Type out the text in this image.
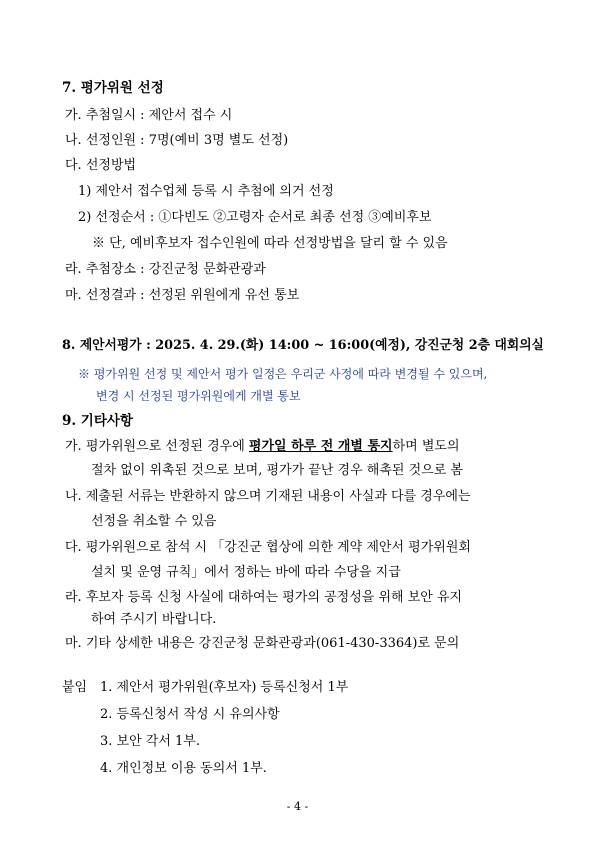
7. 평가위원 선정
가. 추첨일시 : 제안서 접수 시
나. 선정인원 : 7명(예비 3명 별도 선정)
다. 선정방법
1) 제안서 접수업체 등록 시 추첨에 의거 선정
2) 선정순서 : ①다빈도 ②고령자 순서로 최종 선정 ③예비후보
※ 단, 예비후보자 접수인원에 따라 선정방법을 달리 할 수 있음
라. 추첨장소 : 강진군청 문화관광과
마. 선정결과 : 선정된 위원에게 유선 통보
8. 제안서평가 : 2025. 4. 29.(화) 14:00 ~ 16:00(예정), 강진군청 2층 대회의실
※ 평가위원 선정 및 제안서 평가 일정은 우리군 사정에 따라 변경될 수 있으며,
변경 시 선정된 평가위원에게 개별 통보
9. 기타사항
가. 평가위원으로 선정된 경우에 평가일 하루 전 개별 통지하며 별도의
절차 없이 위촉된 것으로 보며, 평가가 끝난 경우 해촉된 것으로 봄
나. 제출된 서류는 반환하지 않으며 기재된 내용이 사실과 다를 경우에는
선정을 취소할 수 있음
다. 평가위원으로 참석 시 「강진군 협상에 의한 계약 제안서 평가위원회
설치 및 운영 규칙」에서 정하는 바에 따라 수당을 지급
라. 후보자 등록 신청 사실에 대하여는 평가의 공정성을 위해 보안 유지
하여 주시기 바랍니다.
마. 기타 상세한 내용은 강진군청 문화관광과(061-430-3364)로 문의
붙임 1. 제안서 평가위원(후보자) 등록신청서 1부
2. 등록신청서 작성 시 유의사항
3. 보안 각서 1부.
4. 개인정보 이용 동의서 1부.
- 4 -
